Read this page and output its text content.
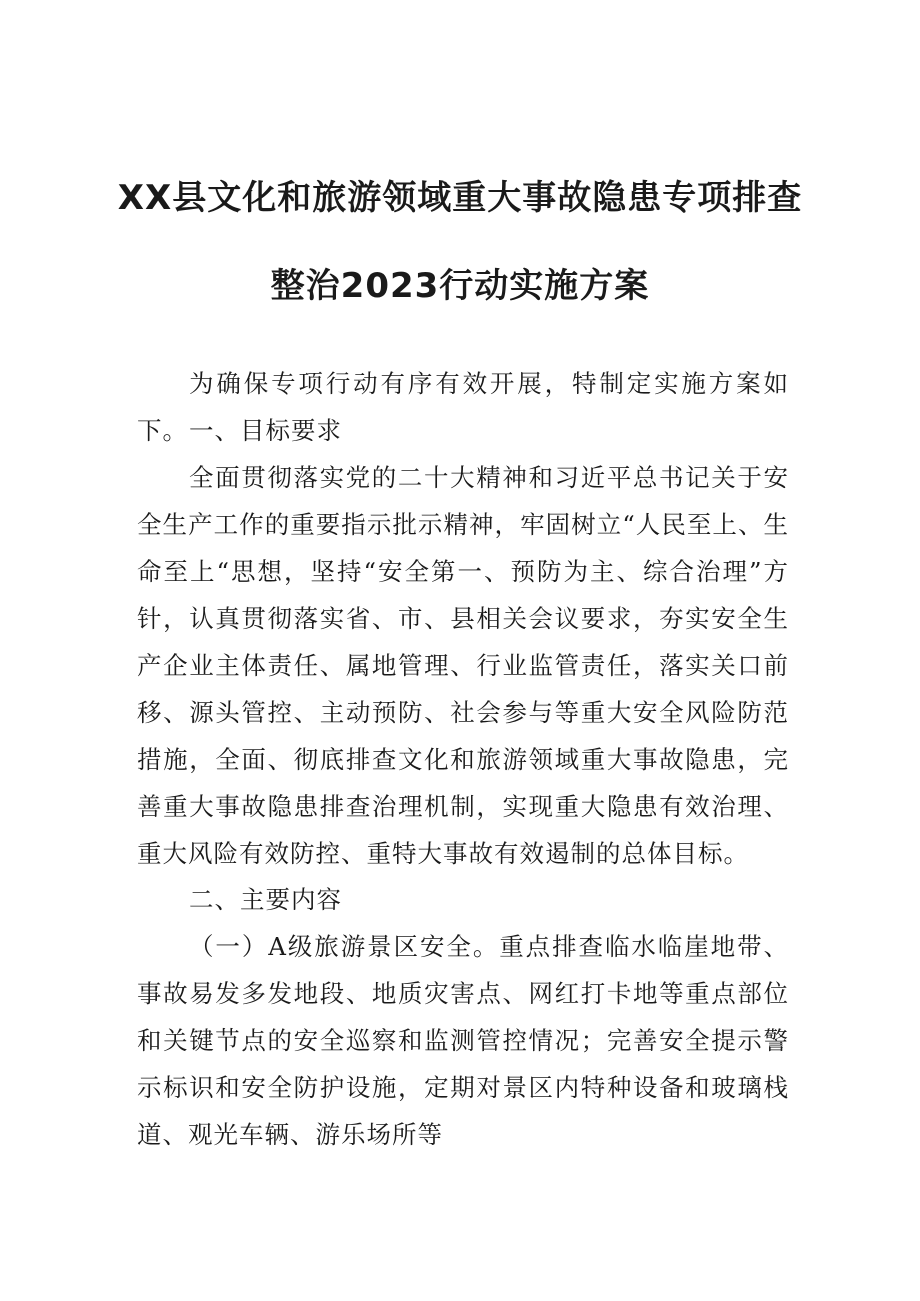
XX县文化和旅游领域重大事故隐患专项排查
整治2023行动实施方案

为确保专项行动有序有效开展，特制定实施方案如下。 一、目标要求

全面贯彻落实党的二十大精神和习近平总书记关于安全生产工作的重要指示批示精神，牢固树立“人民至上、生命至上“思想，坚持“安全第一、预防为主、综合治理”方针，认真贯彻落实省、市、县相关会议要求，夯实安全生产企业主体责任、属地管理、行业监管责任，落实关口前移、源头管控、主动预防、社会参与等重大安全风险防范措施，全面、彻底排查文化和旅游领域重大事故隐患，完善重大事故隐患排查治理机制，实现重大隐患有效治理、重大风险有效防控、重特大事故有效遏制的总体目标。

二、主要内容

（一）A级旅游景区安全。重点排查临水临崖地带、事故易发多发地段、地质灾害点、网红打卡地等重点部位和关键节点的安全巡察和监测管控情况；完善安全提示警示标识和安全防护设施，定期对景区内特种设备和玻璃栈道、观光车辆、游乐场所等
